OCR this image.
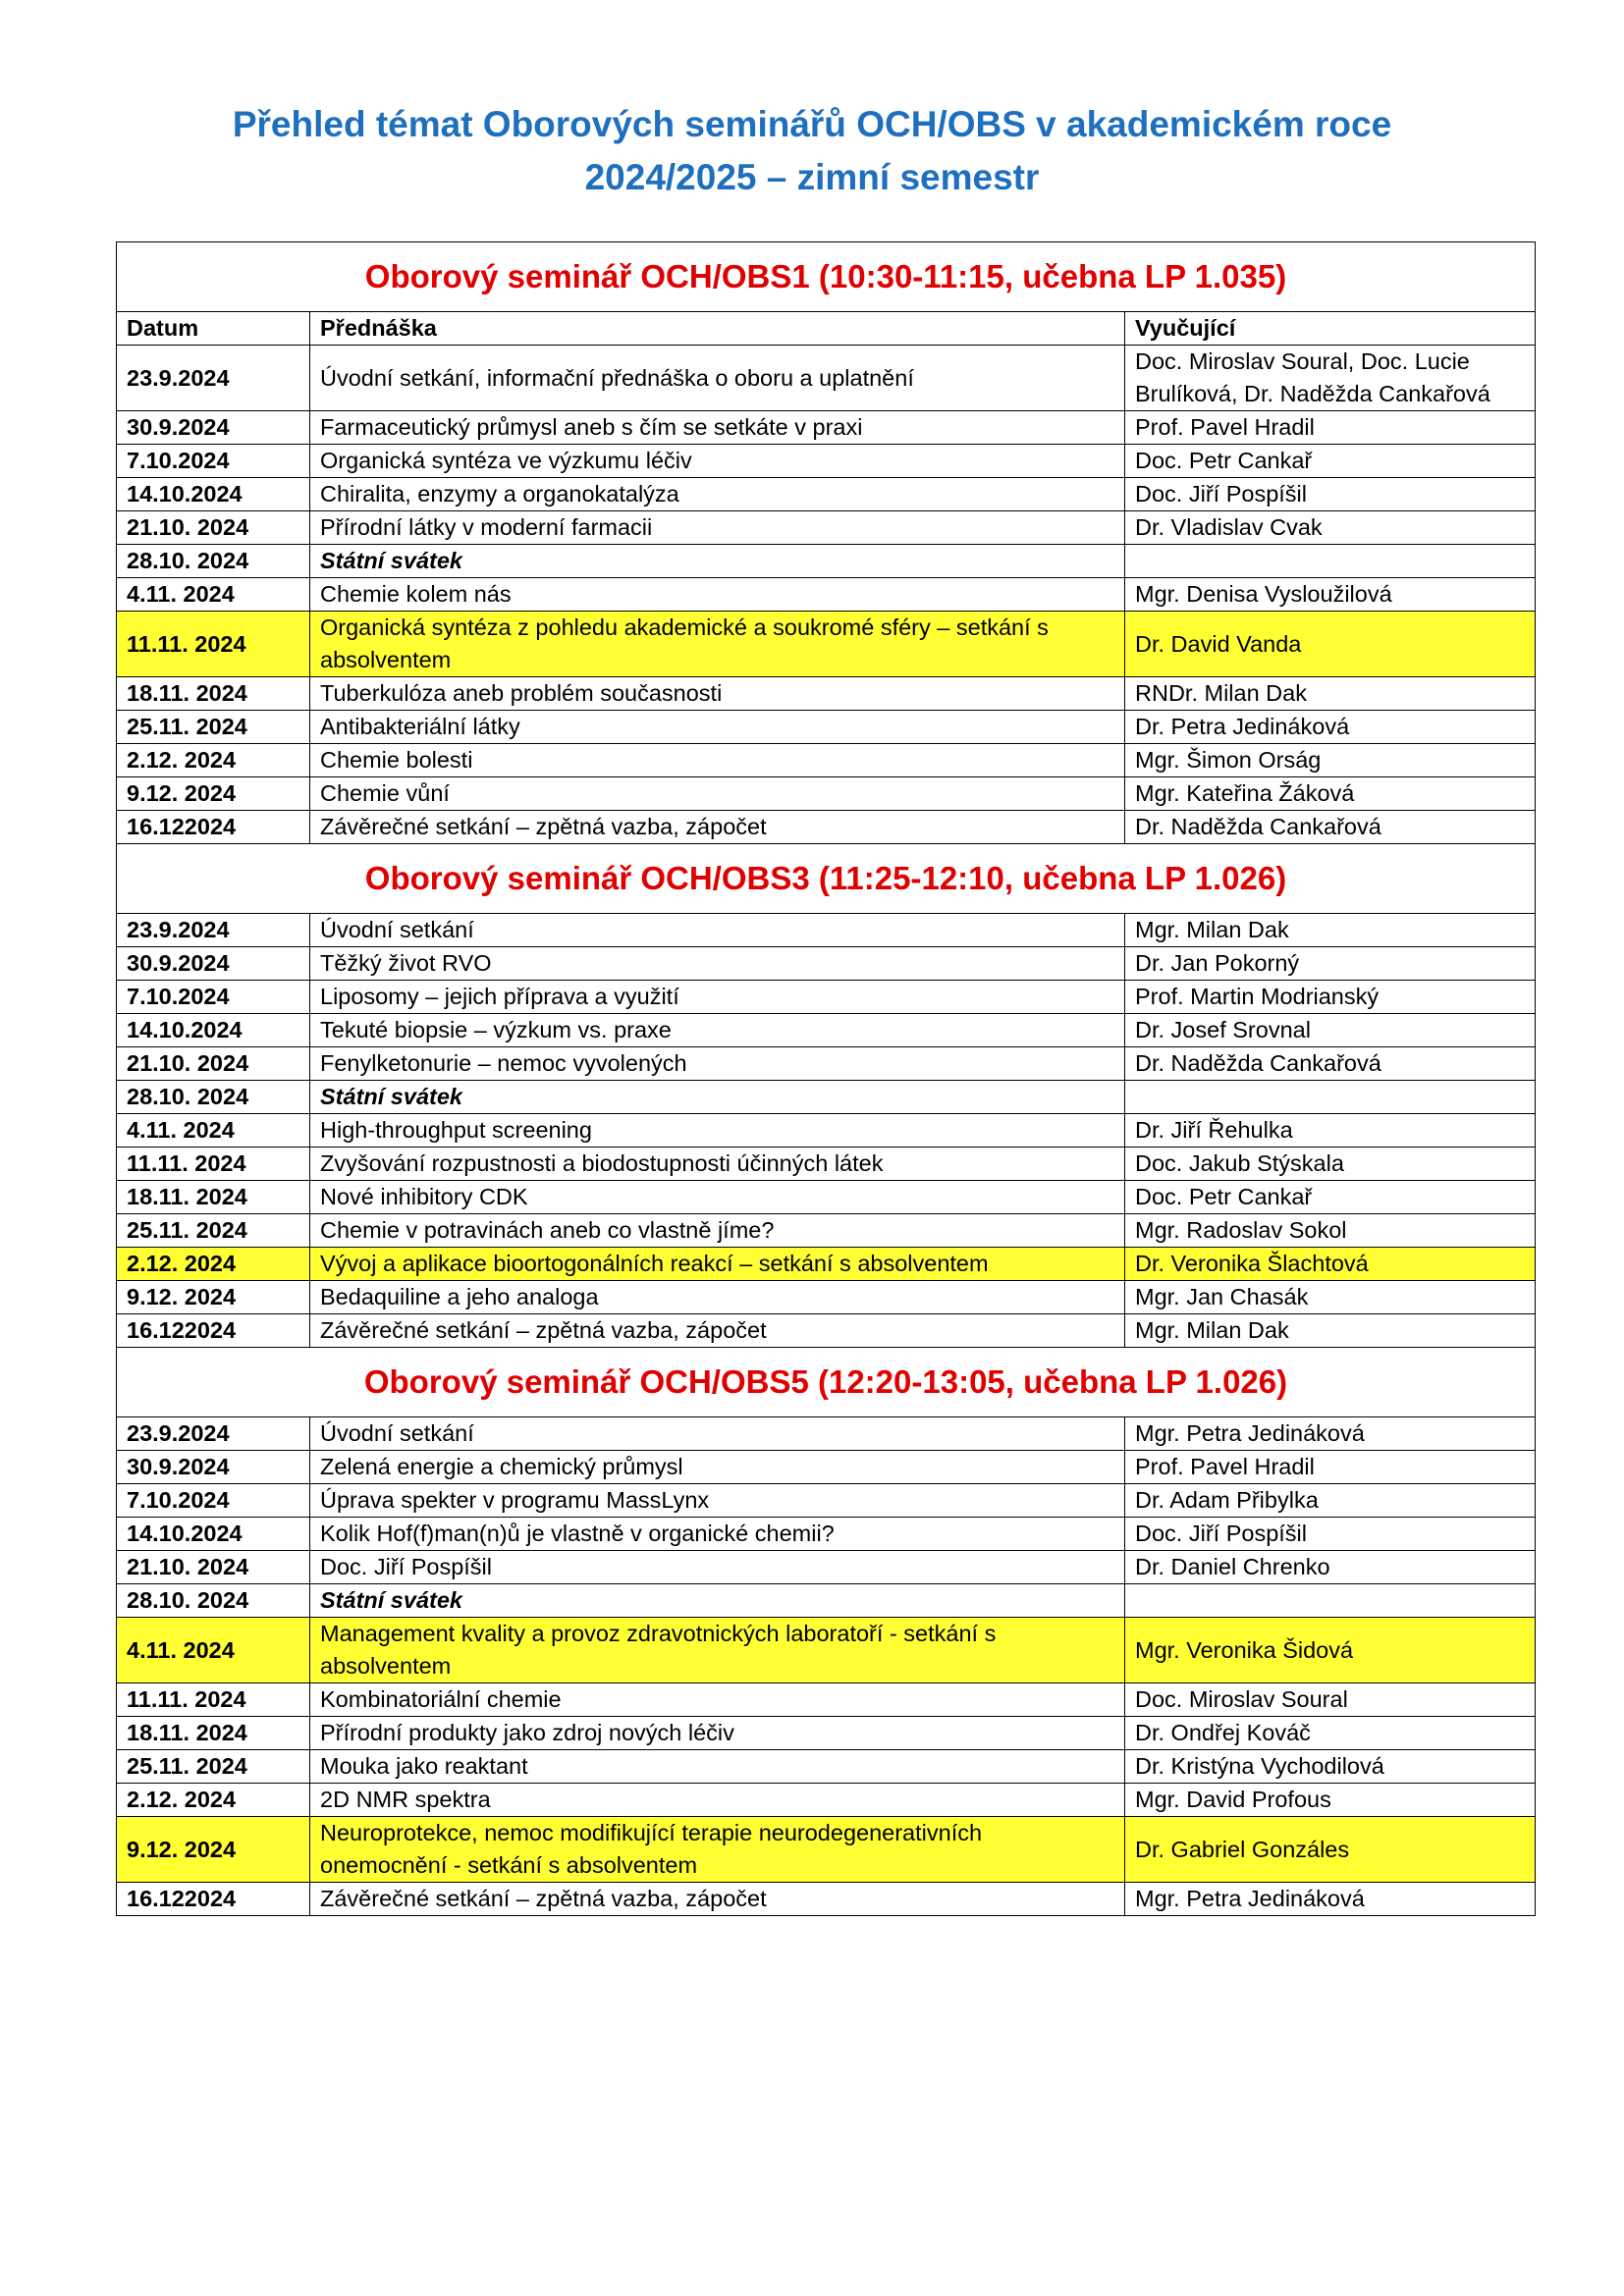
Přehled témat Oborových seminářů OCH/OBS v akademickém roce
2024/2025 – zimní semestr
Oborový seminář OCH/OBS1 (10:30-11:15, učebna LP 1.035)		
Datum	Přednáška	Vyučující
23.9.2024	Úvodní setkání, informační přednáška o oboru a uplatnění	Doc. Miroslav Soural, Doc. Lucie Brulíková, Dr. Naděžda Cankařová
30.9.2024	Farmaceutický průmysl aneb s čím se setkáte v praxi	Prof. Pavel Hradil
7.10.2024	Organická syntéza ve výzkumu léčiv	Doc. Petr Cankař
14.10.2024	Chiralita, enzymy a organokatalýza	Doc. Jiří Pospíšil
21.10. 2024	Přírodní látky v moderní farmacii	Dr. Vladislav Cvak
28.10. 2024	Státní svátek	
4.11. 2024	Chemie kolem nás	Mgr. Denisa Vysloužilová
11.11. 2024	Organická syntéza z pohledu akademické a soukromé sféry – setkání s absolventem	Dr. David Vanda
18.11. 2024	Tuberkulóza aneb problém současnosti	RNDr. Milan Dak
25.11. 2024	Antibakteriální látky	Dr. Petra Jedináková
2.12. 2024	Chemie bolesti	Mgr. Šimon Orság
9.12. 2024	Chemie vůní	Mgr. Kateřina Žáková
16.122024	Závěrečné setkání – zpětná vazba, zápočet	Dr. Naděžda Cankařová
Oborový seminář OCH/OBS3 (11:25-12:10, učebna LP 1.026)		
23.9.2024	Úvodní setkání	Mgr. Milan Dak
30.9.2024	Těžký život RVO	Dr. Jan Pokorný
7.10.2024	Liposomy – jejich příprava a využití	Prof. Martin Modrianský
14.10.2024	Tekuté biopsie – výzkum vs. praxe	Dr. Josef Srovnal
21.10. 2024	Fenylketonurie – nemoc vyvolených	Dr. Naděžda Cankařová
28.10. 2024	Státní svátek	
4.11. 2024	High-throughput screening	Dr. Jiří Řehulka
11.11. 2024	Zvyšování rozpustnosti a biodostupnosti účinných látek	Doc. Jakub Stýskala
18.11. 2024	Nové inhibitory CDK	Doc. Petr Cankař
25.11. 2024	Chemie v potravinách aneb co vlastně jíme?	Mgr. Radoslav Sokol
2.12. 2024	Vývoj a aplikace bioortogonálních reakcí – setkání s absolventem	Dr. Veronika Šlachtová
9.12. 2024	Bedaquiline a jeho analoga	Mgr. Jan Chasák
16.122024	Závěrečné setkání – zpětná vazba, zápočet	Mgr. Milan Dak
Oborový seminář OCH/OBS5 (12:20-13:05, učebna LP 1.026)		
23.9.2024	Úvodní setkání	Mgr. Petra Jedináková
30.9.2024	Zelená energie a chemický průmysl	Prof. Pavel Hradil
7.10.2024	Úprava spekter v programu MassLynx	Dr. Adam Přibylka
14.10.2024	Kolik Hof(f)man(n)ů je vlastně v organické chemii?	Doc. Jiří Pospíšil
21.10. 2024	Doc. Jiří Pospíšil	Dr. Daniel Chrenko
28.10. 2024	Státní svátek	
4.11. 2024	Management kvality a provoz zdravotnických laboratoří - setkání s absolventem	Mgr. Veronika Šidová
11.11. 2024	Kombinatoriální chemie	Doc. Miroslav Soural
18.11. 2024	Přírodní produkty jako zdroj nových léčiv	Dr. Ondřej Kováč
25.11. 2024	Mouka jako reaktant	Dr. Kristýna Vychodilová
2.12. 2024	2D NMR spektra	Mgr. David Profous
9.12. 2024	Neuroprotekce, nemoc modifikující terapie neurodegenerativních onemocnění - setkání s absolventem	Dr. Gabriel Gonzáles
16.122024	Závěrečné setkání – zpětná vazba, zápočet	Mgr. Petra Jedináková
